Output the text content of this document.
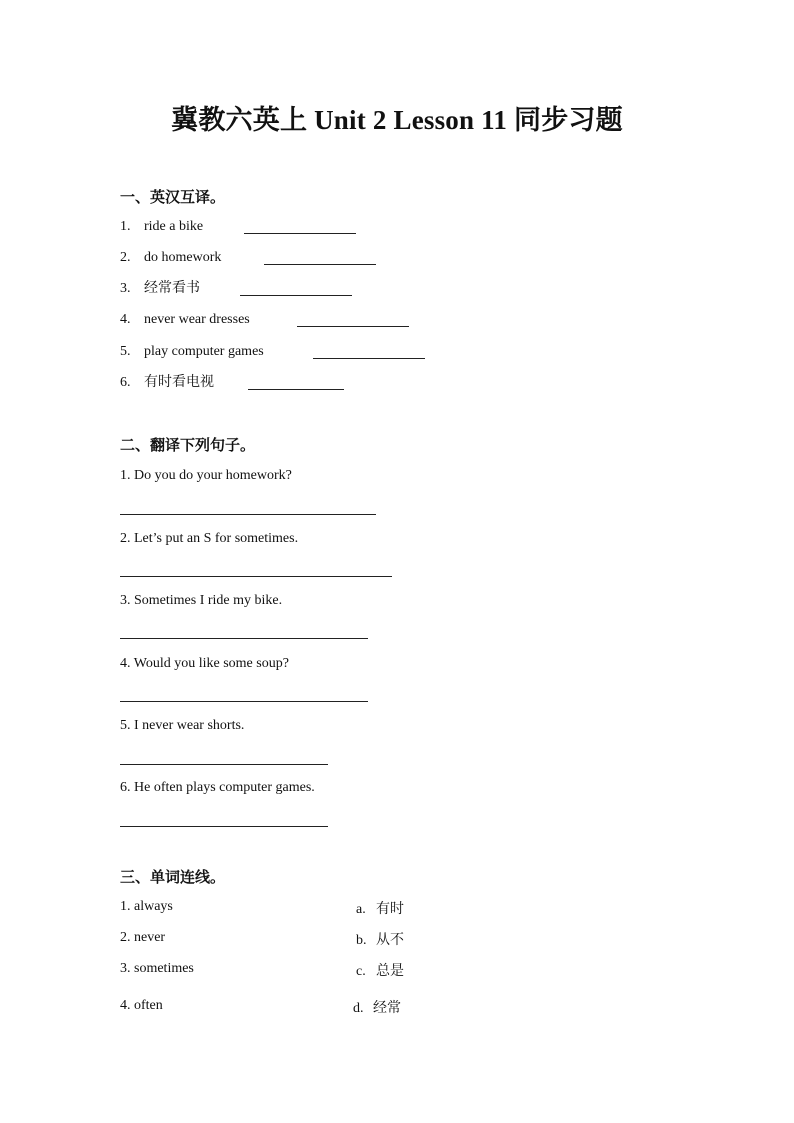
冀教六英上 Unit 2 Lesson 11 同步习题
一、英汉互译。
1. ride a bike
2. do homework
3. 经常看书
4. never wear dresses
5. play computer games
6. 有时看电视
二、翻译下列句子。
1. Do you do your homework?
2. Let’s put an S for sometimes.
3. Sometimes I ride my bike.
4. Would you like some soup?
5. I never wear shorts.
6. He often plays computer games.
三、单词连线。
1. always
2. never
3. sometimes
4. often
a. 有时
b. 从不
c. 总是
d. 经常
